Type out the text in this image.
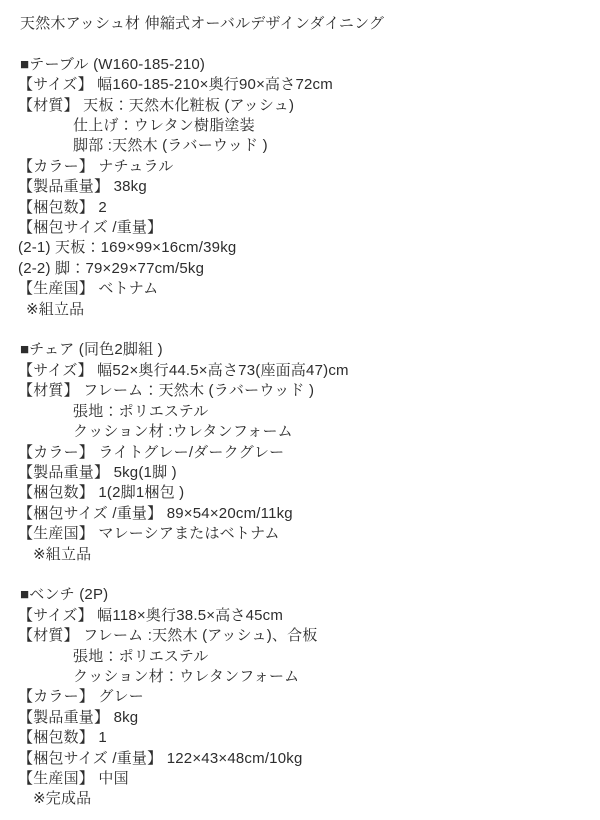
天然木アッシュ材 伸縮式オーバルデザインダイニング
■テーブル (W160-185-210)
【サイズ】 幅160-185-210×奥行90×高さ72cm
【材質】 天板：天然木化粧板 (アッシュ)
仕上げ：ウレタン樹脂塗装
脚部 :天然木 (ラバーウッド )
【カラー】 ナチュラル
【製品重量】 38kg
【梱包数】 2
【梱包サイズ /重量】
(2-1) 天板：169×99×16cm/39kg
(2-2) 脚：79×29×77cm/5kg
【生産国】 ベトナム
※組立品
■チェア (同色2脚組 )
【サイズ】 幅52×奥行44.5×高さ73(座面高47)cm
【材質】 フレーム：天然木 (ラバーウッド )
張地：ポリエステル
クッション材 :ウレタンフォーム
【カラー】 ライトグレー/ダークグレー
【製品重量】 5kg(1脚 )
【梱包数】 1(2脚1梱包 )
【梱包サイズ /重量】 89×54×20cm/11kg
【生産国】 マレーシアまたはベトナム
※組立品
■ベンチ (2P)
【サイズ】 幅118×奥行38.5×高さ45cm
【材質】 フレーム :天然木 (アッシュ)、合板
張地：ポリエステル
クッション材：ウレタンフォーム
【カラー】 グレー
【製品重量】 8kg
【梱包数】 1
【梱包サイズ /重量】 122×43×48cm/10kg
【生産国】 中国
※完成品
